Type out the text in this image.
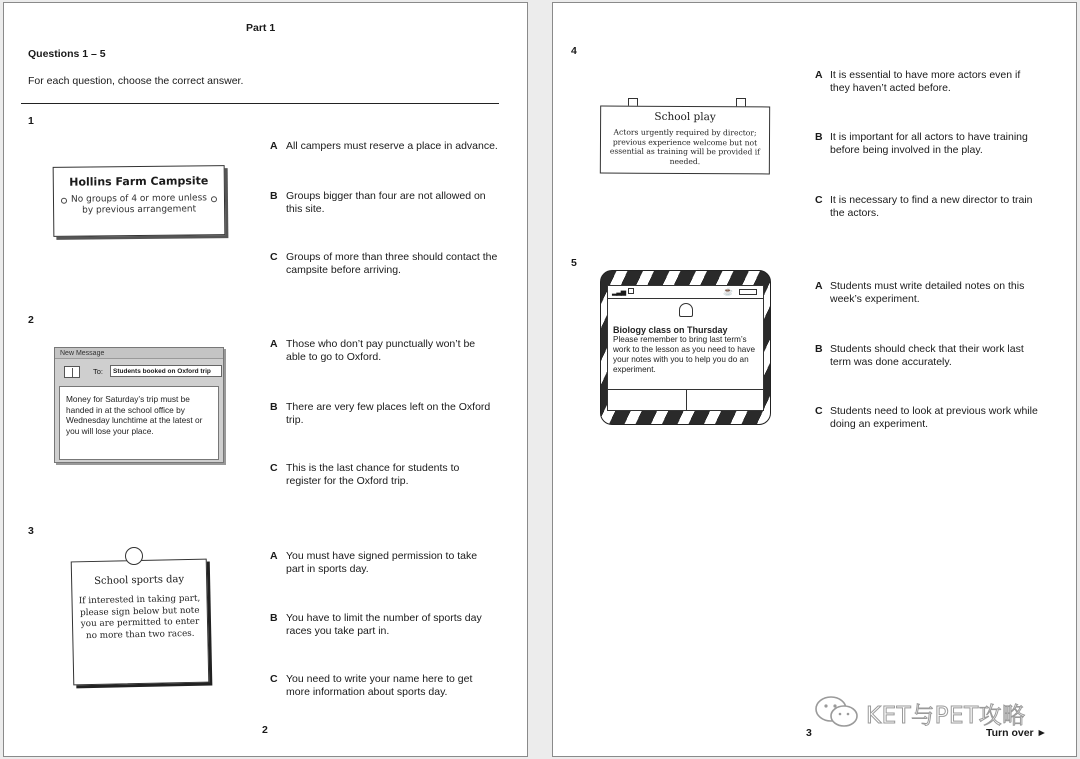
Part 1
Questions 1 – 5
For each question, choose the correct answer.
1
Hollins Farm Campsite
No groups of 4 or more unless by previous arrangement
A All campers must reserve a place in advance.
B Groups bigger than four are not allowed on this site.
C Groups of more than three should contact the campsite before arriving.
2
New Message
To:	Students booked on Oxford trip
Money for Saturday’s trip must be handed in at the school office by Wednesday lunchtime at the latest or you will lose your place.
A Those who don’t pay punctually won’t be able to go to Oxford.
B There are very few places left on the Oxford trip.
C This is the last chance for students to register for the Oxford trip.
3
School sports day
If interested in taking part, please sign below but note you are permitted to enter no more than two races.
A You must have signed permission to take part in sports day.
B You have to limit the number of sports day races you take part in.
C You need to write your name here to get more information about sports day.
2
4
School play
Actors urgently required by director; previous experience welcome but not essential as training will be provided if needed.
A It is essential to have more actors even if they haven’t acted before.
B It is important for all actors to have training before being involved in the play.
C It is necessary to find a new director to train the actors.
5
▂▃▅	☕
Biology class on Thursday
Please remember to bring last term’s work to the lesson as you need to have your notes with you to help you do an experiment.
A Students must write detailed notes on this week’s experiment.
B Students should check that their work last term was done accurately.
C Students need to look at previous work while doing an experiment.
3	Turn over ►
KET与PET攻略
